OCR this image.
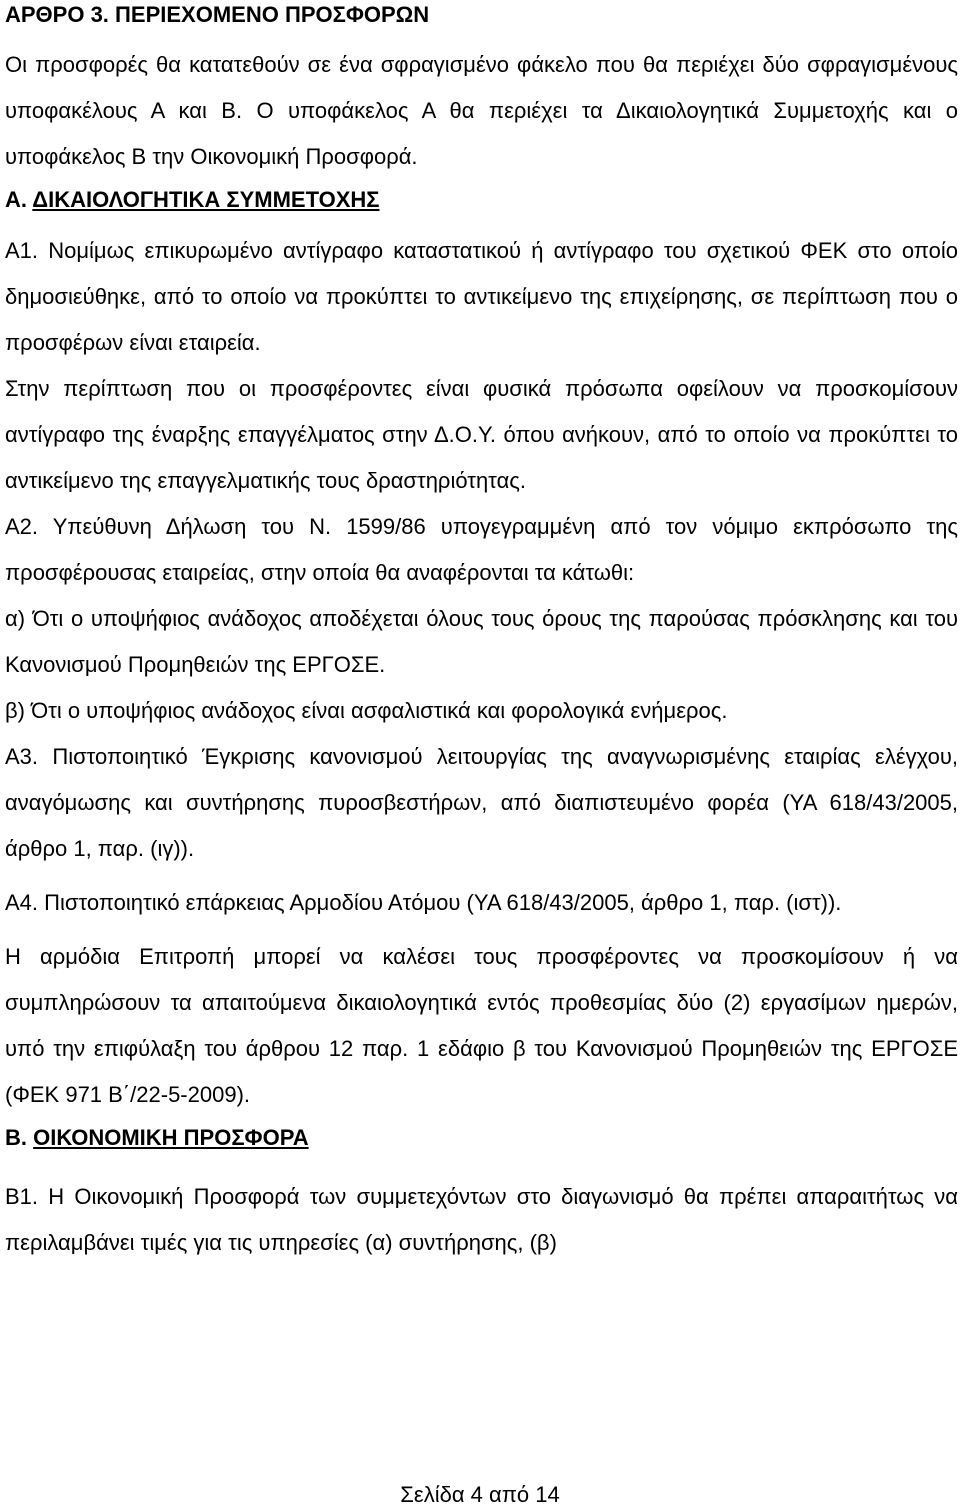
ΑΡΘΡΟ 3. ΠΕΡΙΕΧΟΜΕΝΟ ΠΡΟΣΦΟΡΩΝ

Οι προσφορές θα κατατεθούν σε ένα σφραγισμένο φάκελο που θα περιέχει δύο σφραγισμένους υποφακέλους Α και Β. Ο υποφάκελος Α θα περιέχει τα Δικαιολογητικά Συμμετοχής και ο υποφάκελος Β την Οικονομική Προσφορά.

Α. ΔΙΚΑΙΟΛΟΓΗΤΙΚΑ ΣΥΜΜΕΤΟΧΗΣ

Α1. Νομίμως επικυρωμένο αντίγραφο καταστατικού ή αντίγραφο του σχετικού ΦΕΚ στο οποίο δημοσιεύθηκε, από το οποίο να προκύπτει το αντικείμενο της επιχείρησης, σε περίπτωση που ο προσφέρων είναι εταιρεία.

Στην περίπτωση που οι προσφέροντες είναι φυσικά πρόσωπα οφείλουν να προσκομίσουν αντίγραφο της έναρξης επαγγέλματος στην Δ.Ο.Υ. όπου ανήκουν, από το οποίο να προκύπτει το αντικείμενο της επαγγελματικής τους δραστηριότητας.

Α2. Υπεύθυνη Δήλωση του Ν. 1599/86 υπογεγραμμένη από τον νόμιμο εκπρόσωπο της προσφέρουσας εταιρείας, στην οποία θα αναφέρονται τα κάτωθι:

α) Ότι ο υποψήφιος ανάδοχος αποδέχεται όλους τους όρους της παρούσας πρόσκλησης και του Κανονισμού Προμηθειών της ΕΡΓΟΣΕ.

β) Ότι ο υποψήφιος ανάδοχος είναι ασφαλιστικά και φορολογικά ενήμερος.

Α3. Πιστοποιητικό Έγκρισης κανονισμού λειτουργίας της αναγνωρισμένης εταιρίας ελέγχου, αναγόμωσης και συντήρησης πυροσβεστήρων, από διαπιστευμένο φορέα (ΥΑ 618/43/2005, άρθρο 1, παρ. (ιγ)).

Α4. Πιστοποιητικό επάρκειας Αρμοδίου Ατόμου (ΥΑ 618/43/2005, άρθρο 1, παρ. (ιστ)).

Η αρμόδια Επιτροπή μπορεί να καλέσει τους προσφέροντες να προσκομίσουν ή να συμπληρώσουν τα απαιτούμενα δικαιολογητικά εντός προθεσμίας δύο (2) εργασίμων ημερών, υπό την επιφύλαξη του άρθρου 12 παρ. 1 εδάφιο β του Κανονισμού Προμηθειών της ΕΡΓΟΣΕ (ΦΕΚ 971 Β΄/22-5-2009).

Β. ΟΙΚΟΝΟΜΙΚΗ ΠΡΟΣΦΟΡΑ

Β1. Η Οικονομική Προσφορά των συμμετεχόντων στο διαγωνισμό θα πρέπει απαραιτήτως να περιλαμβάνει τιμές για τις υπηρεσίες (α) συντήρησης, (β)

Σελίδα 4 από 14
